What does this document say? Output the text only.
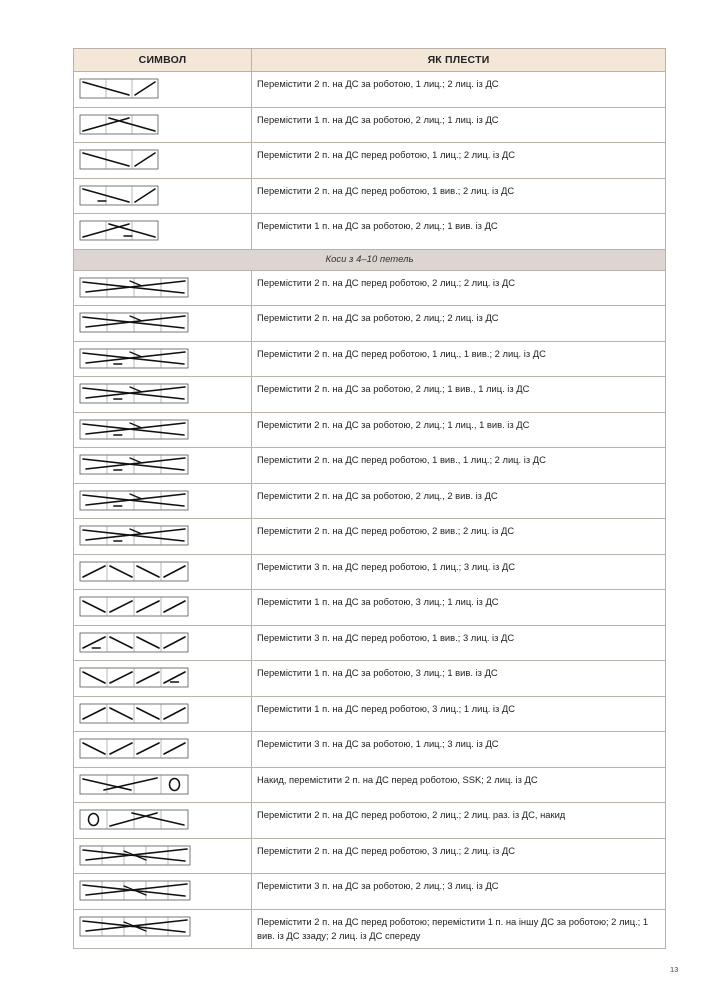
СИМВОЛ	ЯК ПЛЕСТИ

Перемістити 2 п. на ДС за роботою, 1 лиц.; 2 лиц. із ДС

Перемістити 1 п. на ДС за роботою, 2 лиц.; 1 лиц. із ДС

Перемістити 2 п. на ДС перед роботою, 1 лиц.; 2 лиц. із ДС

Перемістити 2 п. на ДС перед роботою, 1 вив.; 2 лиц. із ДС

Перемістити 1 п. на ДС за роботою, 2 лиц.; 1 вив. із ДС

Коси з 4–10 петель	

Перемістити 2 п. на ДС перед роботою, 2 лиц.; 2 лиц. із ДС

Перемістити 2 п. на ДС за роботою, 2 лиц.; 2 лиц. із ДС

Перемістити 2 п. на ДС перед роботою, 1 лиц., 1 вив.; 2 лиц. із ДС

Перемістити 2 п. на ДС за роботою, 2 лиц.; 1 вив., 1 лиц. із ДС

Перемістити 2 п. на ДС за роботою, 2 лиц.; 1 лиц., 1 вив. із ДС

Перемістити 2 п. на ДС перед роботою, 1 вив., 1 лиц.; 2 лиц. із ДС

Перемістити 2 п. на ДС за роботою, 2 лиц., 2 вив. із ДС

Перемістити 2 п. на ДС перед роботою, 2 вив.; 2 лиц. із ДС

Перемістити 3 п. на ДС перед роботою, 1 лиц.; 3 лиц. із ДС

Перемістити 1 п. на ДС за роботою, 3 лиц.; 1 лиц. із ДС

Перемістити 3 п. на ДС перед роботою, 1 вив.; 3 лиц. із ДС

Перемістити 1 п. на ДС за роботою, 3 лиц.; 1 вив. із ДС

Перемістити 1 п. на ДС перед роботою, 3 лиц.; 1 лиц. із ДС

Перемістити 3 п. на ДС за роботою, 1 лиц.; 3 лиц. із ДС

Накид, перемістити 2 п. на ДС перед роботою, SSK; 2 лиц. із ДС

Перемістити 2 п. на ДС перед роботою, 2 лиц.; 2 лиц. раз. із ДС, накид

Перемістити 2 п. на ДС перед роботою, 3 лиц.; 2 лиц. із ДС

Перемістити 3 п. на ДС за роботою, 2 лиц.; 3 лиц. із ДС

Перемістити 2 п. на ДС перед роботою; перемістити 1 п. на іншу ДС за роботою; 2 лиц.; 1 вив. із ДС ззаду; 2 лиц. із ДС спереду
13
